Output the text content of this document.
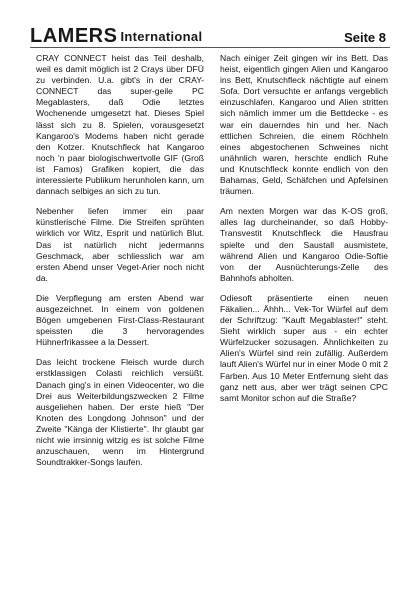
LAMERS International	Seite 8

CRAY CONNECT heist das Teil deshalb, weil es damit möglich ist 2 Crays über DFÜ zu verbinden. U.a. gibt's in der CRAY-CONNECT das super-geile PC Megablasters, daß Odie letztes Wochenende umgesetzt hat. Dieses Spiel lässt sich zu 8. Spielen, vorausgesetzt Kangaroo's Modems haben nicht gerade den Kotzer. Knutschfleck hat Kangaroo noch 'n paar biologischwertvolle GIF (Groß ist Famos) Grafiken kopiert, die das interessierte Publikum herunholen kann, um dannach selbiges an sich zu tun.

Nebenher liefen immer ein paar künstlerische Filme. Die Streifen sprühten wirklich vor Witz, Esprit und natürlich Blut. Das ist natürlich nicht jedermanns Geschmack, aber schliesslich war am ersten Abend unser Veget-Arier noch nicht da.

Die Verpflegung am ersten Abend war ausgezeichnet. In einem von goldenen Bögen umgebenen First-Class-Restaurant speissten die 3 hervoragendes Hühnerfrikassee a la Dessert.

Das leicht trockene Fleisch wurde durch erstklassigen Colasti reichlich versüßt. Danach ging's in einen Videocenter, wo die Drei aus Weiterbildungszwecken 2 Filme ausgeliehen haben. Der erste hieß "Der Knoten des Longdong Johnson" und der Zweite "Känga der Klistierte". Ihr glaubt gar nicht wie irrsinnig witzig es ist solche Filme anzuschauen, wenn im Hintergrund Soundtrakker-Songs laufen.

Nach einiger Zeit gingen wir ins Bett. Das heist, eigentlich gingen Alien und Kangaroo ins Bett, Knutschfleck nächtigte auf einem Sofa. Dort versuchte er anfangs vergeblich einzuschlafen. Kangaroo und Alien stritten sich nämlich immer um die Bettdecke - es war ein dauerndes hin und her. Nach ettlichen Schreien, die einem Röchheln eines abgestochenen Schweines nicht unähnlich waren, herschte endlich Ruhe und Knutschfleck konnte endlich von den Bahamas, Geld, Schäfchen und Apfelsinen träumen.

Am nexten Morgen war das K-OS groß, alles lag durcheinander, so daß Hobby-Transvestit Knutschfleck die Hausfrau spielte und den Saustall ausmistete, während Alien und Kangaroo Odie-Softie von der Ausnüchterungs-Zelle des Bahnhofs abholten.

Odiesoft präsentierte einen neuen Fäkalien... Ähhh... Vek-Tor Würfel auf dem der Schriftzug: "Kauft Megablaster!" steht. Sieht wirklich super aus - ein echter Würfelzucker sozusagen. Ähnlichkeiten zu Alien's Würfel sind rein zufällig. Außerdem lauft Alien's Würfel nur in einer Mode 0 mit 2 Farben. Aus 10 Meter Entfernung sieht das ganz nett aus, aber wer trägt seinen CPC samt Monitor schon auf die Straße?
